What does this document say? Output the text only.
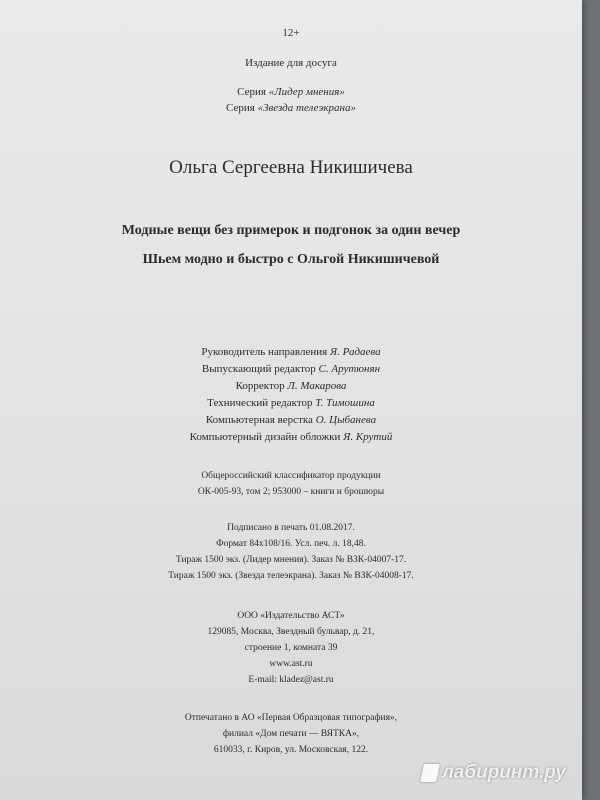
12+
Издание для досуга
Серия «Лидер мнения»
Серия «Звезда телеэкрана»
Ольга Сергеевна Никишичева
Модные вещи без примерок и подгонок за один вечер
Шьем модно и быстро с Ольгой Никишичевой
Руководитель направления Я. Радаева
Выпускающий редактор С. Арутюнян
Корректор Л. Макарова
Технический редактор Т. Тимошина
Компьютерная верстка О. Цыбанева
Компьютерный дизайн обложки Я. Крутий
Общероссийский классификатор продукции
ОК-005-93, том 2; 953000 – книги и брошюры
Подписано в печать 01.08.2017.
Формат 84x108/16. Усл. печ. л. 18,48.
Тираж 1500 экз. (Лидер мнения). Заказ № ВЗК-04007-17.
Тираж 1500 экз. (Звезда телеэкрана). Заказ № ВЗК-04008-17.
ООО «Издательство АСТ»
129085, Москва, Звездный бульвар, д. 21,
строение 1, комната 39
www.ast.ru
E-mail: kladez@ast.ru
Отпечатано в АО «Первая Образцовая типография»,
филиал «Дом печати — ВЯТКА»,
610033, г. Киров, ул. Московская, 122.
лабиринт.ру
